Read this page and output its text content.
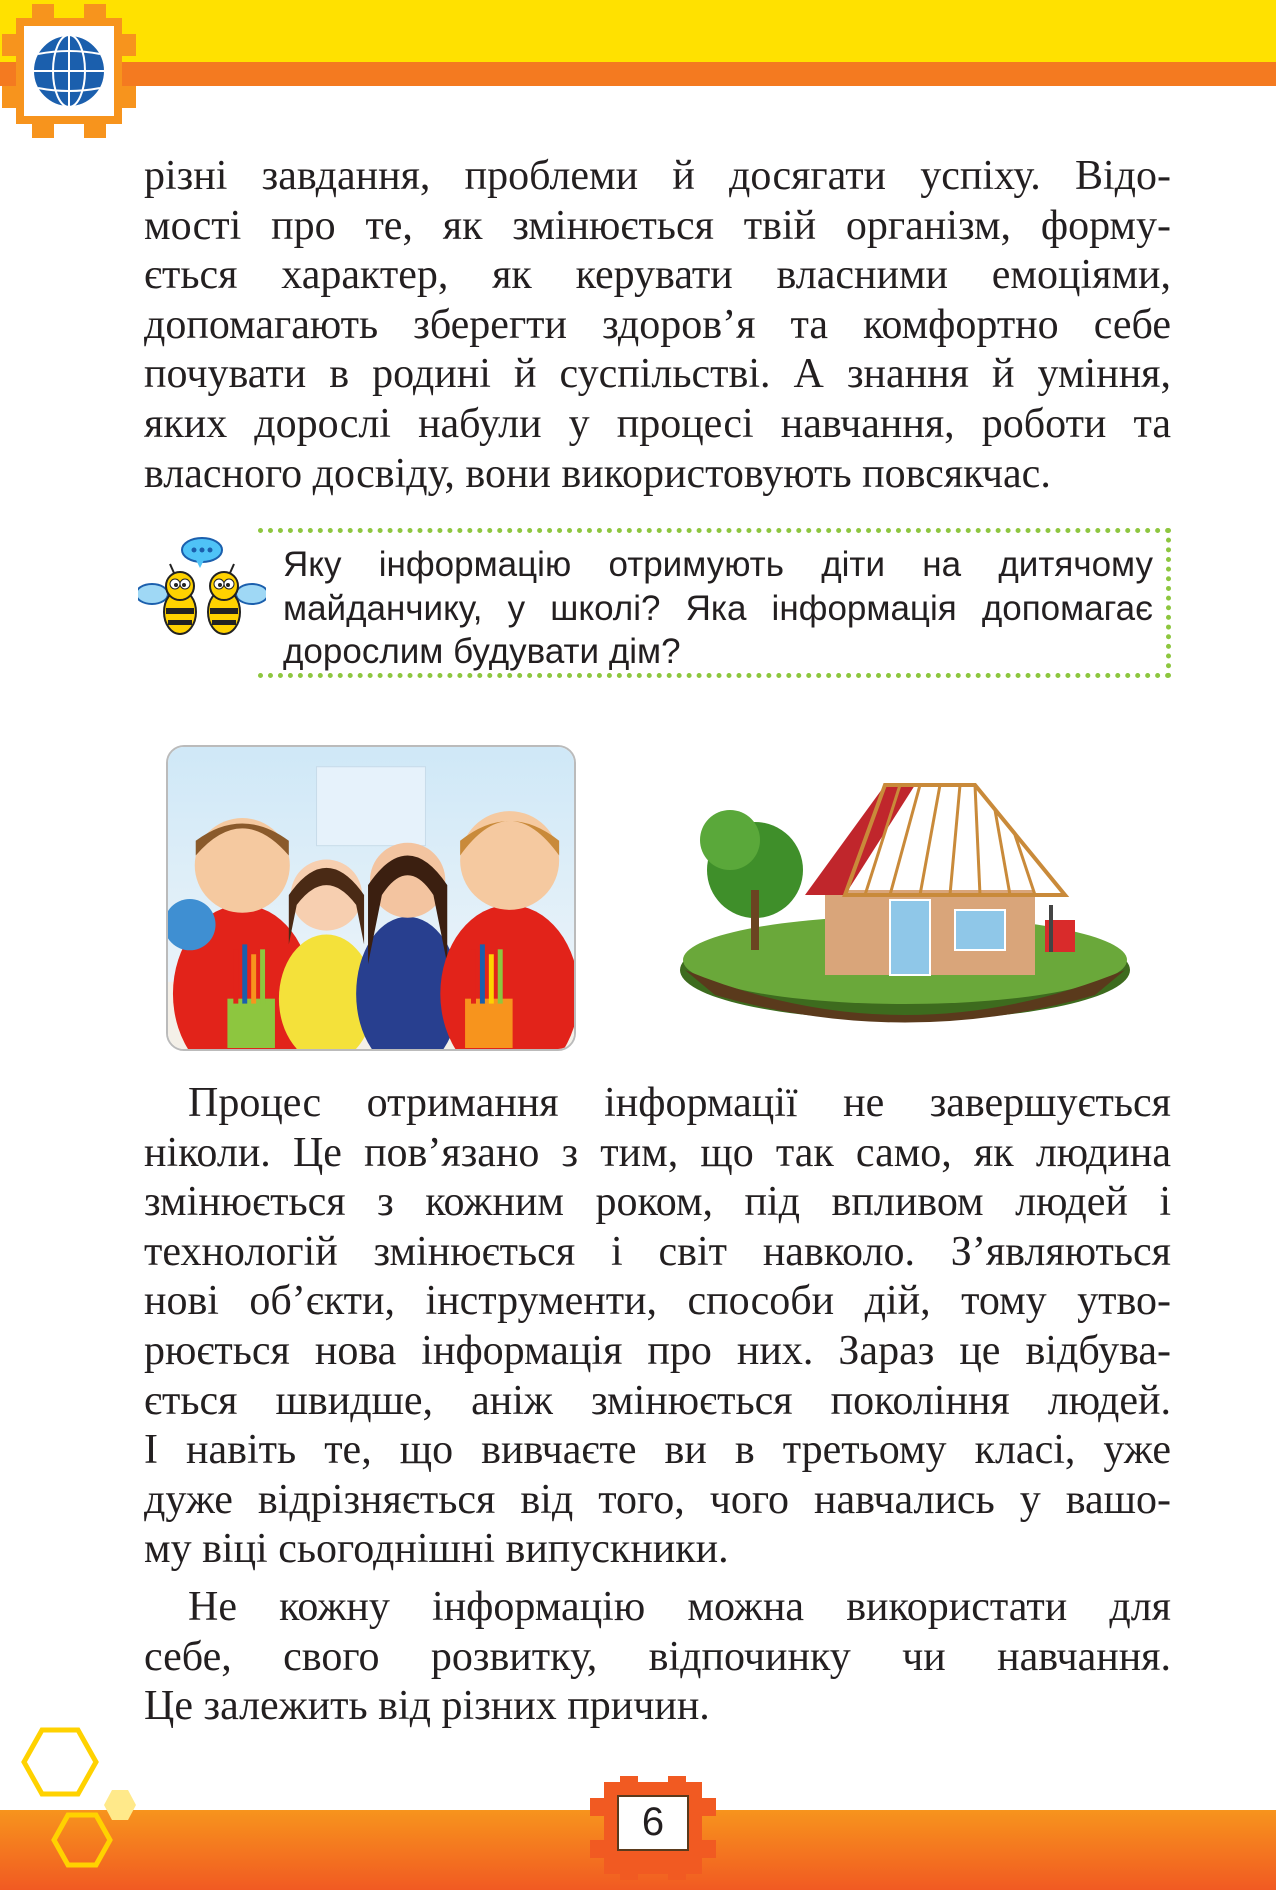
різні завдання, проблеми й досягати успіху. Відо-
мості про те, як змінюється твій організм, форму-
ється характер, як керувати власними емоціями,
допомагають зберегти здоров’я та комфортно себе
почувати в родині й суспільстві. А знання й уміння,
яких дорослі набули у процесі навчання, роботи та
власного досвіду, вони використовують повсякчас.
Яку інформацію отримують діти на дитячому
майданчику, у школі? Яка інформація допомагає
дорослим будувати дім?
Процес отримання інформації не завершується
ніколи. Це пов’язано з тим, що так само, як людина
змінюється з кожним роком, під впливом людей і
технологій змінюється і світ навколо. З’являються
нові об’єкти, інструменти, способи дій, тому утво-
рюється нова інформація про них. Зараз це відбува-
ється швидше, аніж змінюється покоління людей.
І навіть те, що вивчаєте ви в третьому класі, уже
дуже відрізняється від того, чого навчались у вашо-
му віці сьогоднішні випускники.
Не кожну інформацію можна використати для
себе, свого розвитку, відпочинку чи навчання.
Це залежить від різних причин.
6
